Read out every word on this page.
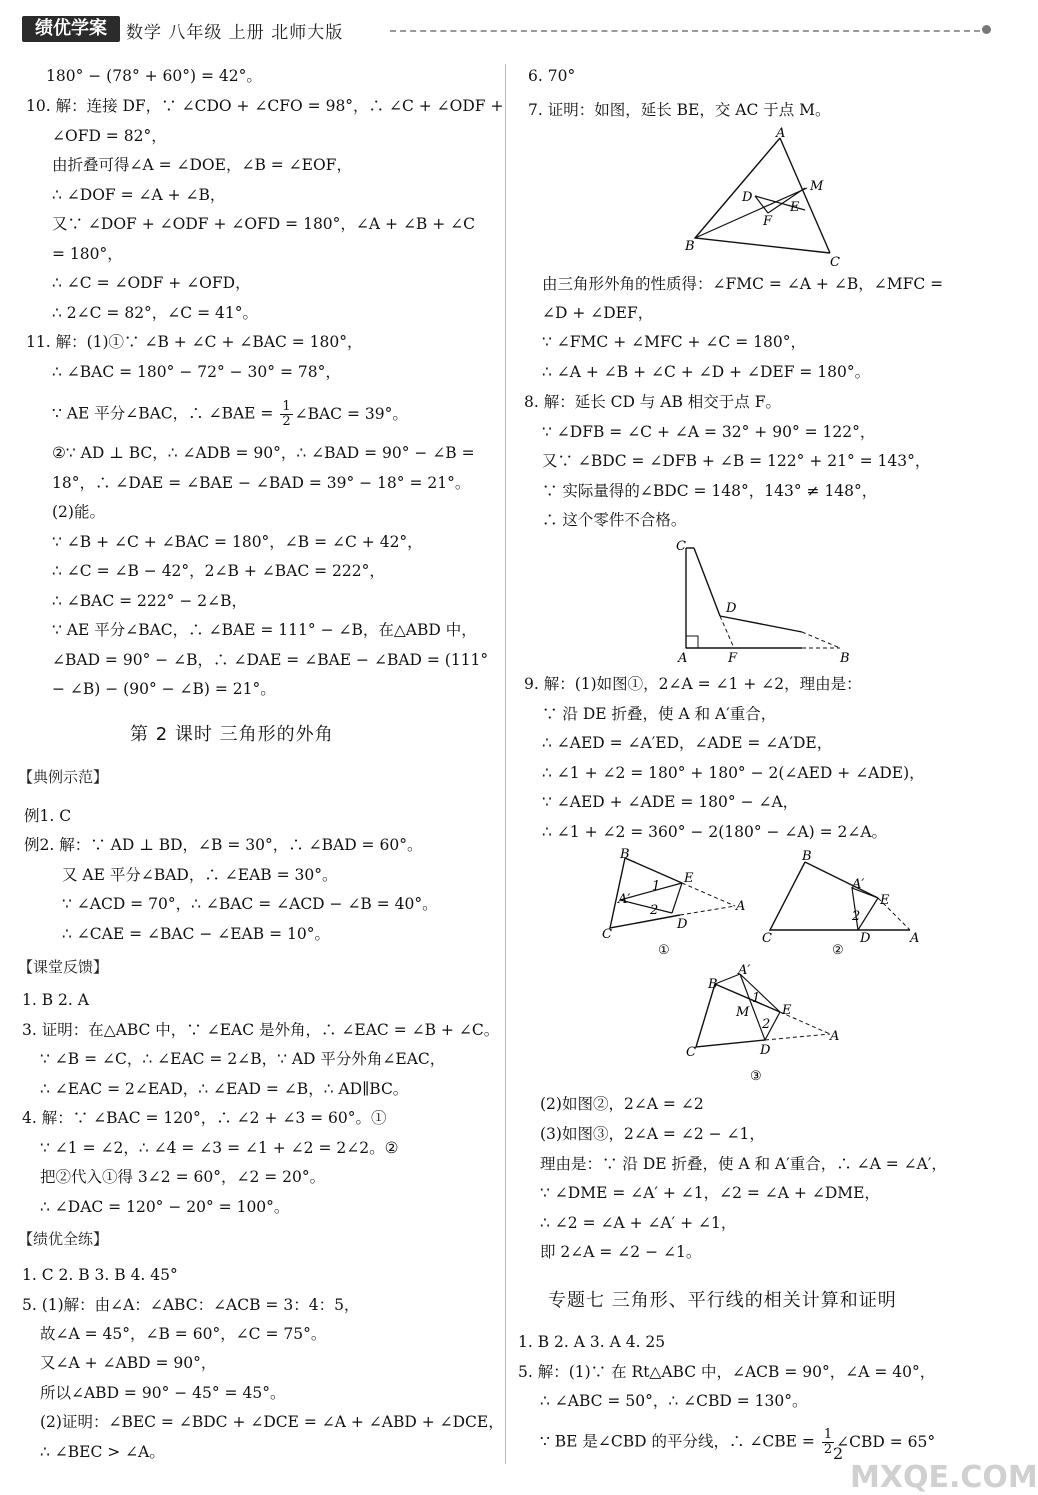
绩优学案	数学 八年级 上册 北师大版
A
B
C
D
E
F
M
C
D
A	F	B
B
C
D
E
A
A′
1
2
①
B
C	D
E
A
A′
2
②
B
C	D
E
A
A′
M
1
2
③
2
MXQE.COM
180° − (78° + 60°) = 42°。
10. 解：连接 DF，∵ ∠CDO + ∠CFO = 98°，∴ ∠C + ∠ODF +
∠OFD = 82°，
由折叠可得∠A = ∠DOE，∠B = ∠EOF，
∴ ∠DOF = ∠A + ∠B，
又∵ ∠DOF + ∠ODF + ∠OFD = 180°，∠A + ∠B + ∠C
= 180°，
∴ ∠C = ∠ODF + ∠OFD，
∴ 2∠C = 82°，∠C = 41°。
11. 解：(1)①∵ ∠B + ∠C + ∠BAC = 180°，
∴ ∠BAC = 180° − 72° − 30° = 78°，
∵ AE 平分∠BAC，∴ ∠BAE = $\frac{1}{2}$ ∠BAC = 39°。
②∵ AD ⊥ BC，∴ ∠ADB = 90°，∴ ∠BAD = 90° − ∠B =
18°，∴ ∠DAE = ∠BAE − ∠BAD = 39° − 18° = 21°。
(2)能。
∵ ∠B + ∠C + ∠BAC = 180°，∠B = ∠C + 42°，
∴ ∠C = ∠B − 42°，2∠B + ∠BAC = 222°，
∴ ∠BAC = 222° − 2∠B，
∵ AE 平分∠BAC，∴ ∠BAE = 111° − ∠B，在△ABD 中，
∠BAD = 90° − ∠B，∴ ∠DAE = ∠BAE − ∠BAD = (111°
− ∠B) − (90° − ∠B) = 21°。
第 2 课时 三角形的外角
【典例示范】
例1. C
例2. 解：∵ AD ⊥ BD，∠B = 30°，∴ ∠BAD = 60°。
又 AE 平分∠BAD，∴ ∠EAB = 30°。
∵ ∠ACD = 70°，∴ ∠BAC = ∠ACD − ∠B = 40°。
∴ ∠CAE = ∠BAC − ∠EAB = 10°。
【课堂反馈】
1. B 2. A
3. 证明：在△ABC 中，∵ ∠EAC 是外角，∴ ∠EAC = ∠B + ∠C。
∵ ∠B = ∠C，∴ ∠EAC = 2∠B，∵ AD 平分外角∠EAC，
∴ ∠EAC = 2∠EAD，∴ ∠EAD = ∠B，∴ AD∥BC。
4. 解：∵ ∠BAC = 120°，∴ ∠2 + ∠3 = 60°。①
∵ ∠1 = ∠2，∴ ∠4 = ∠3 = ∠1 + ∠2 = 2∠2。②
把②代入①得 3∠2 = 60°，∠2 = 20°。
∴ ∠DAC = 120° − 20° = 100°。
【绩优全练】
1. C 2. B 3. B 4. 45°
5. (1)解：由∠A：∠ABC：∠ACB = 3：4：5，
故∠A = 45°，∠B = 60°，∠C = 75°。
又∠A + ∠ABD = 90°，
所以∠ABD = 90° − 45° = 45°。
(2)证明：∠BEC = ∠BDC + ∠DCE = ∠A + ∠ABD + ∠DCE，
∴ ∠BEC > ∠A。
6. 70°
7. 证明：如图，延长 BE，交 AC 于点 M。
由三角形外角的性质得：∠FMC = ∠A + ∠B，∠MFC =
∠D + ∠DEF，
∵ ∠FMC + ∠MFC + ∠C = 180°，
∴ ∠A + ∠B + ∠C + ∠D + ∠DEF = 180°。
8. 解：延长 CD 与 AB 相交于点 F。
∵ ∠DFB = ∠C + ∠A = 32° + 90° = 122°，
又∵ ∠BDC = ∠DFB + ∠B = 122° + 21° = 143°，
∵ 实际量得的∠BDC = 148°，143° ≠ 148°，
∴ 这个零件不合格。
9. 解：(1)如图①，2∠A = ∠1 + ∠2，理由是：
∵ 沿 DE 折叠，使 A 和 A′重合，
∴ ∠AED = ∠A′ED，∠ADE = ∠A′DE，
∴ ∠1 + ∠2 = 180° + 180° − 2(∠AED + ∠ADE)，
∵ ∠AED + ∠ADE = 180° − ∠A，
∴ ∠1 + ∠2 = 360° − 2(180° − ∠A) = 2∠A。
(2)如图②，2∠A = ∠2
(3)如图③，2∠A = ∠2 − ∠1，
理由是：∵ 沿 DE 折叠，使 A 和 A′重合，∴ ∠A = ∠A′，
∵ ∠DME = ∠A′ + ∠1，∠2 = ∠A + ∠DME，
∴ ∠2 = ∠A + ∠A′ + ∠1，
即 2∠A = ∠2 − ∠1。
专题七 三角形、平行线的相关计算和证明
1. B 2. A 3. A 4. 25
5. 解：(1)∵ 在 Rt△ABC 中，∠ACB = 90°，∠A = 40°，
∴ ∠ABC = 50°，∴ ∠CBD = 130°。
∵ BE 是∠CBD 的平分线，∴ ∠CBE = $\frac{1}{2}$ ∠CBD = 65°
